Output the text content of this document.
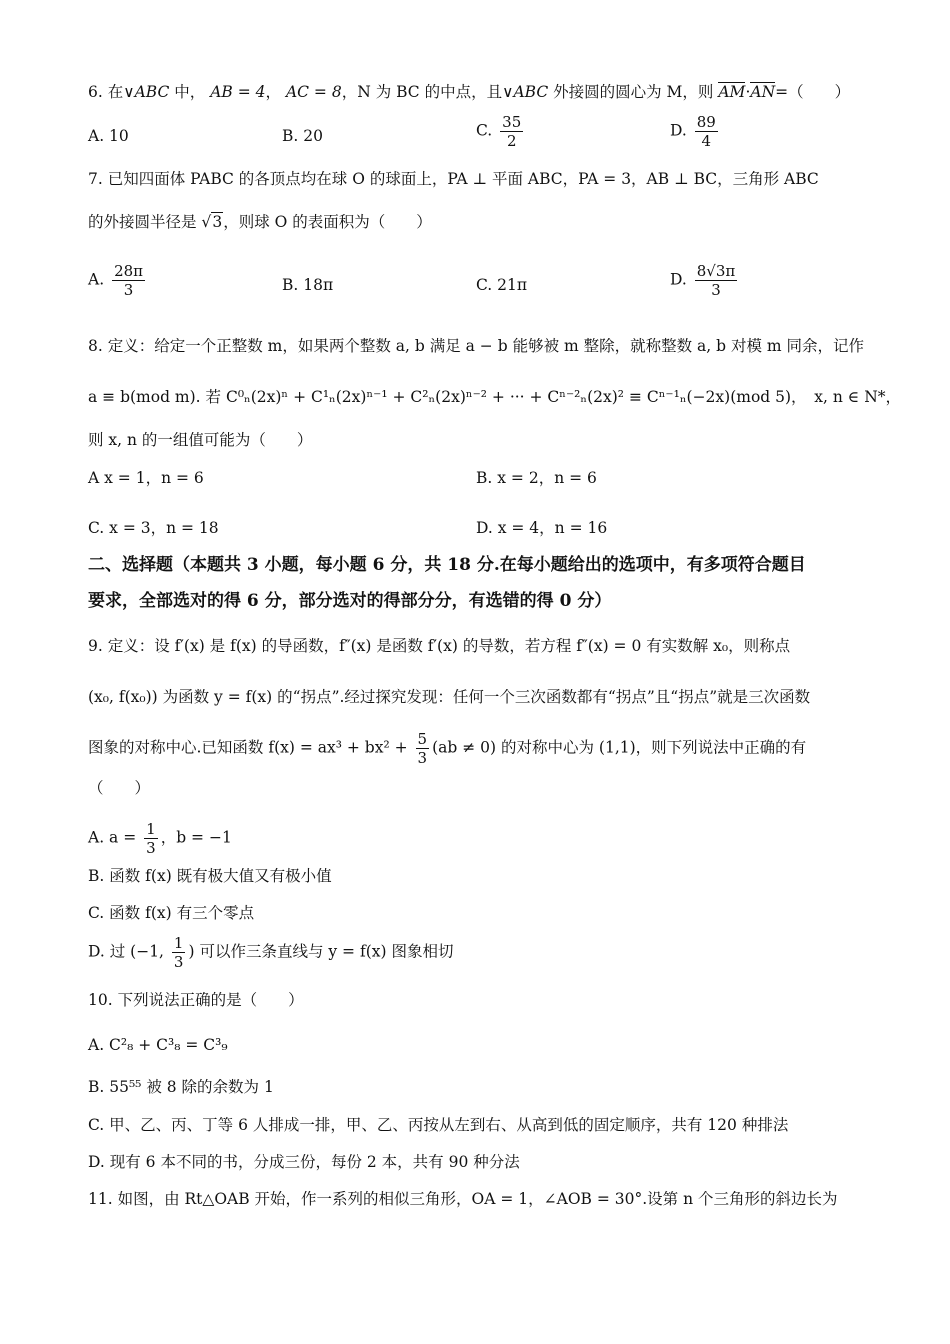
6. 在∨ABC 中， AB = 4， AC = 8，N 为 BC 的中点，且∨ABC 外接圆的圆心为 M，则 AM·AN=（　　）
A. 10	B. 20	C. $\frac{35}{2}$	D. $\frac{89}{4}$
7. 已知四面体 PABC 的各顶点均在球 O 的球面上，PA ⊥ 平面 ABC，PA = 3，AB ⊥ BC，三角形 ABC
的外接圆半径是 √3，则球 O 的表面积为（　　）
A. $\frac{28\pi}{3}$	B. 18π	C. 21π	D. $\frac{8√3\pi}{3}$
8. 定义：给定一个正整数 m，如果两个整数 a, b 满足 a − b 能够被 m 整除，就称整数 a, b 对模 m 同余，记作
a ≡ b(mod m). 若 C⁰ₙ(2x)ⁿ + C¹ₙ(2x)ⁿ⁻¹ + C²ₙ(2x)ⁿ⁻² + ··· + Cⁿ⁻²ₙ(2x)² ≡ Cⁿ⁻¹ₙ(−2x)(mod 5)，　x, n ∈ N*，
则 x, n 的一组值可能为（　　）
A x = 1，n = 6	B. x = 2，n = 6
C. x = 3，n = 18	D. x = 4，n = 16
二、选择题（本题共 3 小题，每小题 6 分，共 18 分.在每小题给出的选项中，有多项符合题目
要求，全部选对的得 6 分，部分选对的得部分分，有选错的得 0 分）
9. 定义：设 f′(x) 是 f(x) 的导函数，f″(x) 是函数 f′(x) 的导数，若方程 f″(x) = 0 有实数解 x₀，则称点
(x₀, f(x₀)) 为函数 y = f(x) 的“拐点”.经过探究发现：任何一个三次函数都有“拐点”且“拐点”就是三次函数
图象的对称中心.已知函数 $f(x) = ax^3 + bx^2 + \frac{5}{3} (ab \ne 0)$ 的对称中心为 (1,1)，则下列说法中正确的有
（　　）
A. $a = \frac{1}{3}$ ，b = −1
B. 函数 f(x) 既有极大值又有极小值
C. 函数 f(x) 有三个零点
D. 过 (−1, $\frac{1}{3}$ ) 可以作三条直线与 y = f(x) 图象相切
10. 下列说法正确的是（　　）
A. C²₈ + C³₈ = C³₉
B. 55⁵⁵ 被 8 除的余数为 1
C. 甲、乙、丙、丁等 6 人排成一排，甲、乙、丙按从左到右、从高到低的固定顺序，共有 120 种排法
D. 现有 6 本不同的书，分成三份，每份 2 本，共有 90 种分法
11. 如图，由 Rt△OAB 开始，作一系列的相似三角形，OA = 1，∠AOB = 30°.设第 n 个三角形的斜边长为
